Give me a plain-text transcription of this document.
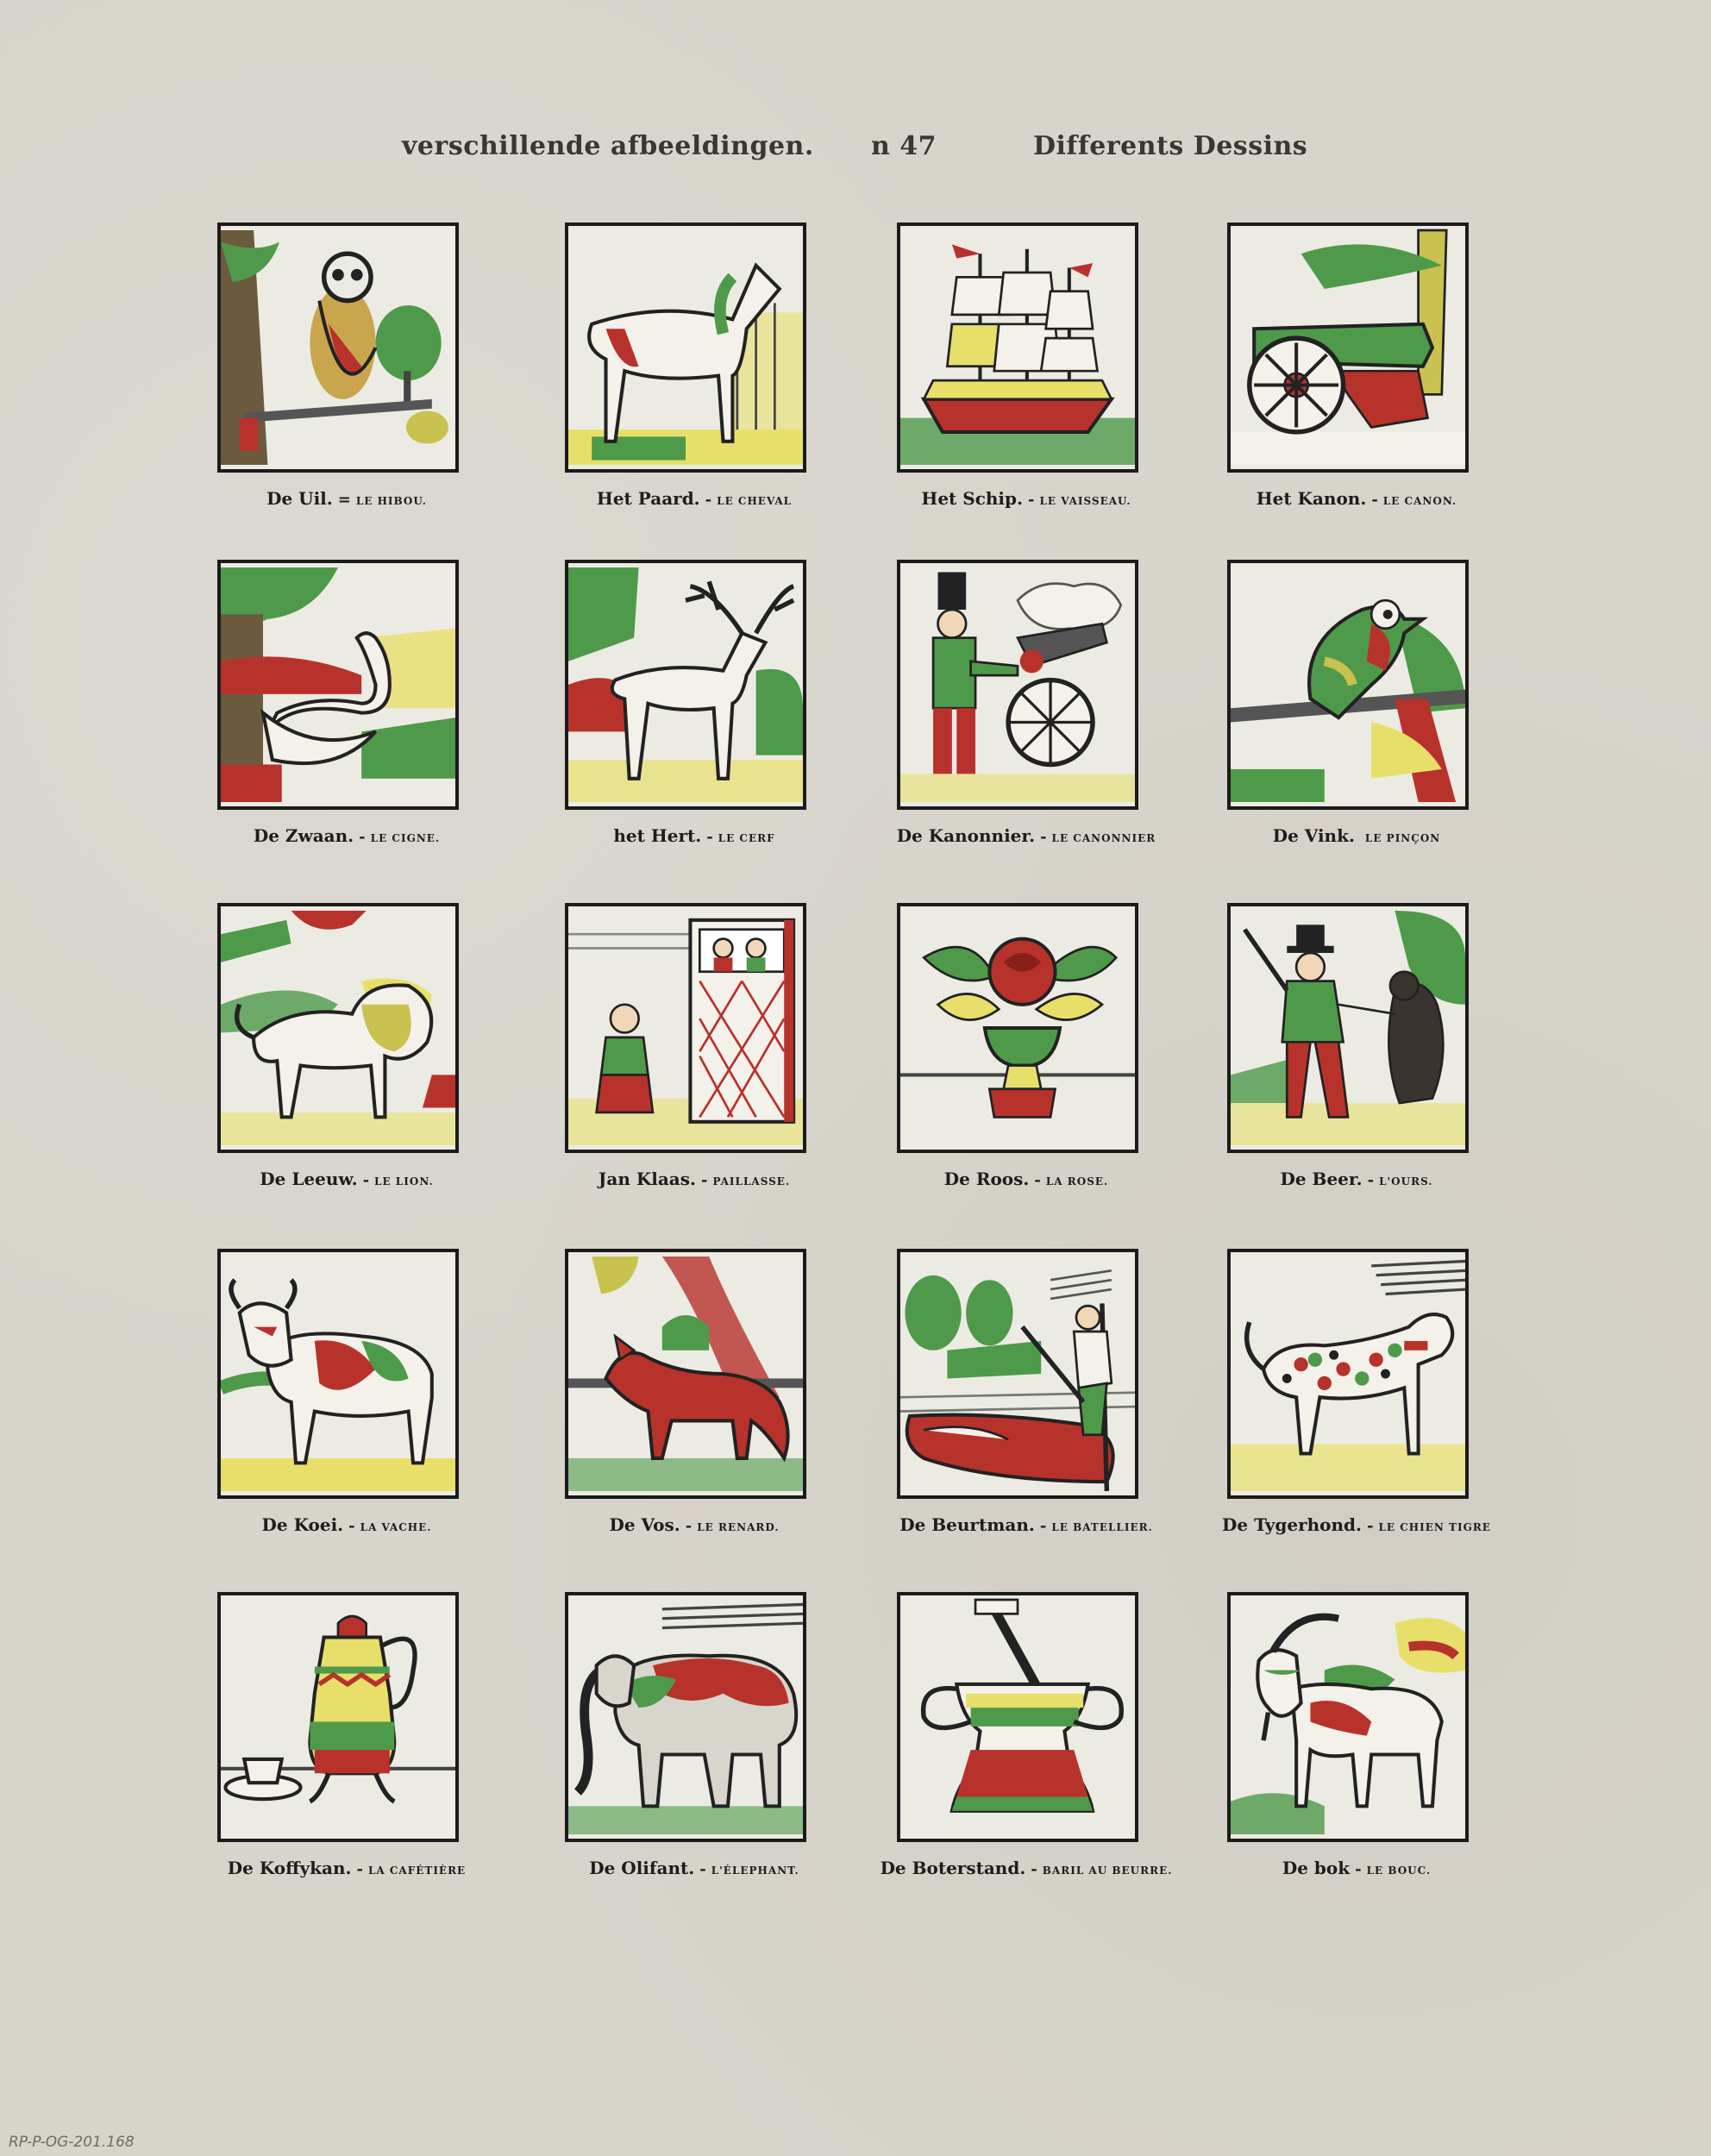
verschillende afbeeldingen. n 47	Differents Dessins
De Uil. = LE HIBOU.	Het Paard. - LE CHEVAL	Het Schip. - LE VAISSEAU.	Het Kanon. - LE CANON.
De Zwaan. - LE CIGNE.	het Hert. - LE CERF	De Kanonnier. - LE CANONNIER	De Vink. LE PINÇON
De Leeuw. - LE LION.	Jan Klaas. - PAILLASSE.	De Roos. - LA ROSE.	De Beer. - L'OURS.
De Koei. - LA VACHE.	De Vos. - LE RENARD.	De Beurtman. - LE BATELLIER.	De Tygerhond. - LE CHIEN TIGRE
De Koffykan. - LA CAFÉTIÈRE	De Olifant. - L'ÉLEPHANT.	De Boterstand. - BARIL AU BEURRE.	De bok - LE BOUC.
RP-P-OG-201.168
